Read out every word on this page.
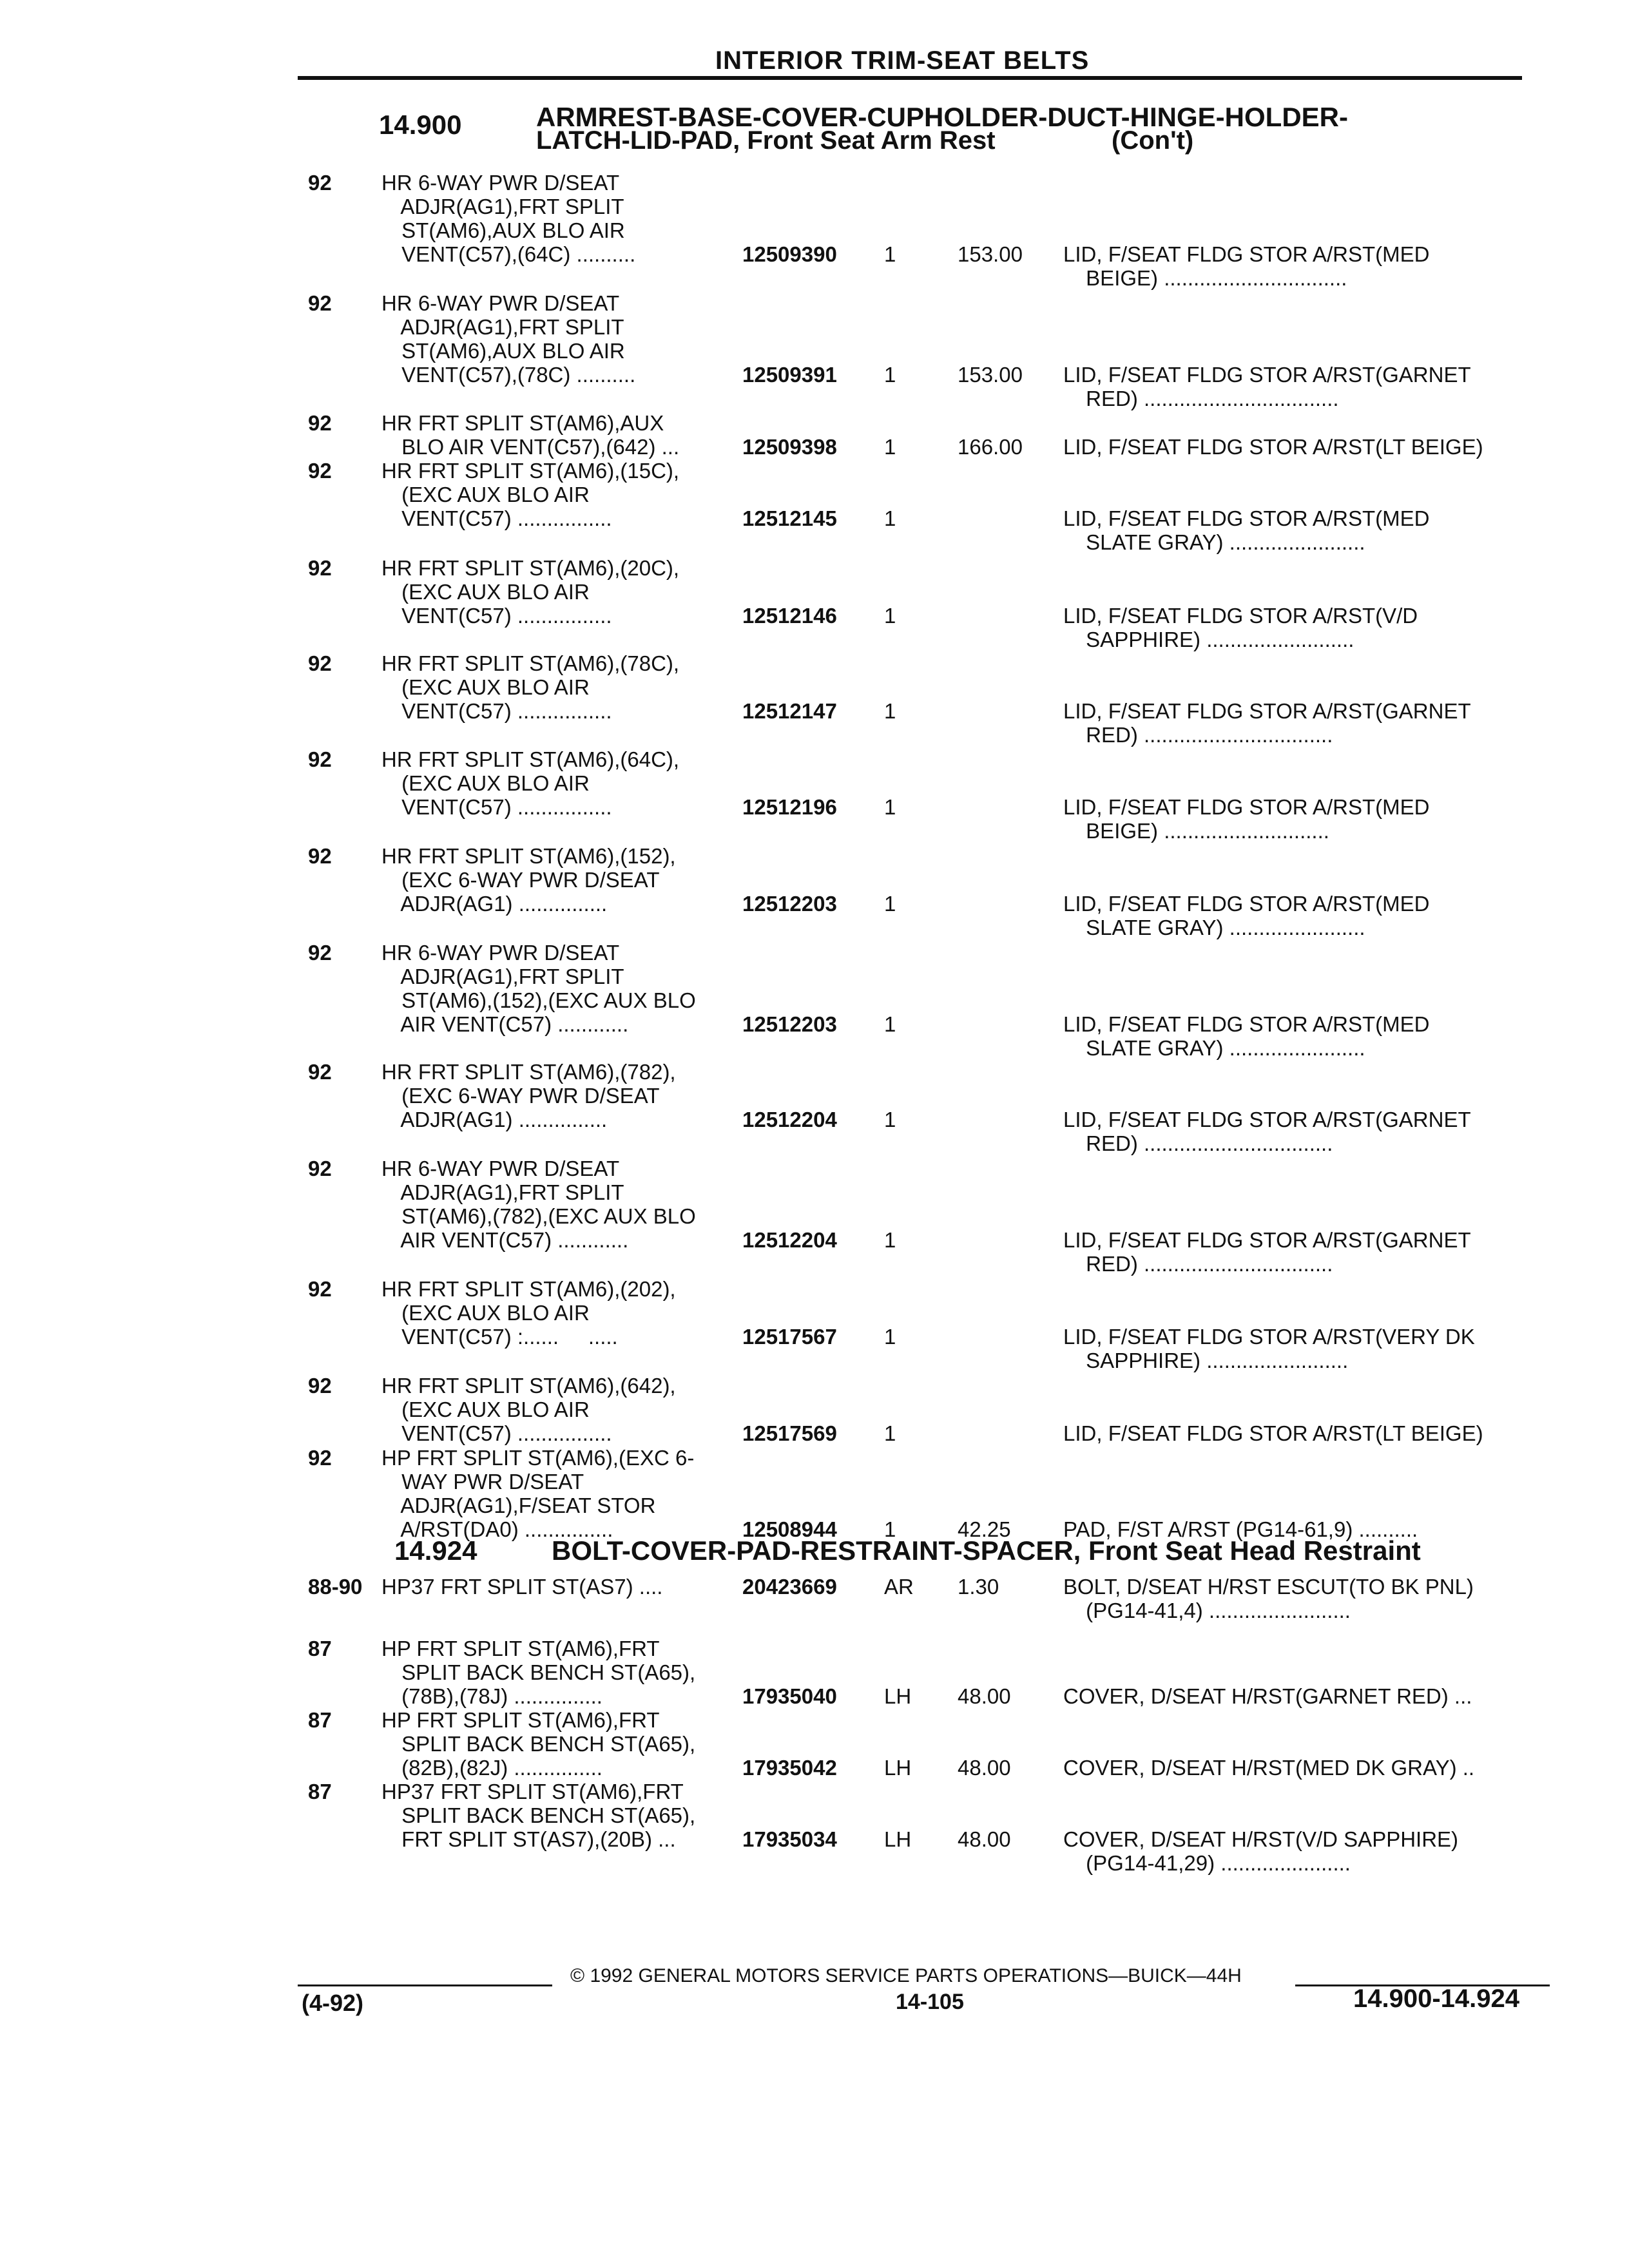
INTERIOR TRIM-SEAT BELTS
14.900	ARMREST-BASE-COVER-CUPHOLDER-DUCT-HINGE-HOLDER-
LATCH-LID-PAD, Front Seat Arm Rest	(Con't)
14.924	BOLT-COVER-PAD-RESTRAINT-SPACER, Front Seat Head Restraint
92 HR 6-WAY PWR D/SEAT
ADJR(AG1),FRT SPLIT
ST(AM6),AUX BLO AIR
VENT(C57),(64C) ..........	12509390 1	153.00 LID, F/SEAT FLDG STOR A/RST(MED
BEIGE) ...............................
92 HR 6-WAY PWR D/SEAT
ADJR(AG1),FRT SPLIT
ST(AM6),AUX BLO AIR
VENT(C57),(78C) ..........	12509391 1	153.00 LID, F/SEAT FLDG STOR A/RST(GARNET
RED) .................................
92 HR FRT SPLIT ST(AM6),AUX
BLO AIR VENT(C57),(642) ...	12509398 1	166.00 LID, F/SEAT FLDG STOR A/RST(LT BEIGE)
92 HR FRT SPLIT ST(AM6),(15C),
(EXC AUX BLO AIR
VENT(C57) ................	12512145 1	LID, F/SEAT FLDG STOR A/RST(MED
SLATE GRAY) .......................
92 HR FRT SPLIT ST(AM6),(20C),
(EXC AUX BLO AIR
VENT(C57) ................	12512146 1	LID, F/SEAT FLDG STOR A/RST(V/D
SAPPHIRE) .........................
92 HR FRT SPLIT ST(AM6),(78C),
(EXC AUX BLO AIR
VENT(C57) ................	12512147 1	LID, F/SEAT FLDG STOR A/RST(GARNET
RED) ................................
92 HR FRT SPLIT ST(AM6),(64C),
(EXC AUX BLO AIR
VENT(C57) ................	12512196 1	LID, F/SEAT FLDG STOR A/RST(MED
BEIGE) ............................
92 HR FRT SPLIT ST(AM6),(152),
(EXC 6-WAY PWR D/SEAT
ADJR(AG1) ...............	12512203 1	LID, F/SEAT FLDG STOR A/RST(MED
SLATE GRAY) .......................
92 HR 6-WAY PWR D/SEAT
ADJR(AG1),FRT SPLIT
ST(AM6),(152),(EXC AUX BLO
AIR VENT(C57) ............	12512203 1	LID, F/SEAT FLDG STOR A/RST(MED
SLATE GRAY) .......................
92 HR FRT SPLIT ST(AM6),(782),
(EXC 6-WAY PWR D/SEAT
ADJR(AG1) ...............	12512204 1	LID, F/SEAT FLDG STOR A/RST(GARNET
RED) ................................
92 HR 6-WAY PWR D/SEAT
ADJR(AG1),FRT SPLIT
ST(AM6),(782),(EXC AUX BLO
AIR VENT(C57) ............	12512204 1	LID, F/SEAT FLDG STOR A/RST(GARNET
RED) ................................
92 HR FRT SPLIT ST(AM6),(202),
(EXC AUX BLO AIR
VENT(C57) :......     .....	12517567 1	LID, F/SEAT FLDG STOR A/RST(VERY DK
SAPPHIRE) ........................
92 HR FRT SPLIT ST(AM6),(642),
(EXC AUX BLO AIR
VENT(C57) ................	12517569 1	LID, F/SEAT FLDG STOR A/RST(LT BEIGE)
92 HP FRT SPLIT ST(AM6),(EXC 6-
WAY PWR D/SEAT
ADJR(AG1),F/SEAT STOR
A/RST(DA0) ...............	12508944 1	42.25 PAD, F/ST A/RST (PG14-61,9) ..........
88-90 HP37 FRT SPLIT ST(AS7) ....	20423669 AR 1.30	BOLT, D/SEAT H/RST ESCUT(TO BK PNL)
(PG14-41,4) ........................
87 HP FRT SPLIT ST(AM6),FRT
SPLIT BACK BENCH ST(A65),
(78B),(78J) ...............	17935040 LH 48.00 COVER, D/SEAT H/RST(GARNET RED) ...
87 HP FRT SPLIT ST(AM6),FRT
SPLIT BACK BENCH ST(A65),
(82B),(82J) ...............	17935042 LH 48.00 COVER, D/SEAT H/RST(MED DK GRAY) ..
87 HP37 FRT SPLIT ST(AM6),FRT
SPLIT BACK BENCH ST(A65),
FRT SPLIT ST(AS7),(20B) ...	17935034 LH 48.00 COVER, D/SEAT H/RST(V/D SAPPHIRE)
(PG14-41,29) ......................
© 1992 GENERAL MOTORS SERVICE PARTS OPERATIONS—BUICK—44H
(4-92)	14-105	14.900-14.924
